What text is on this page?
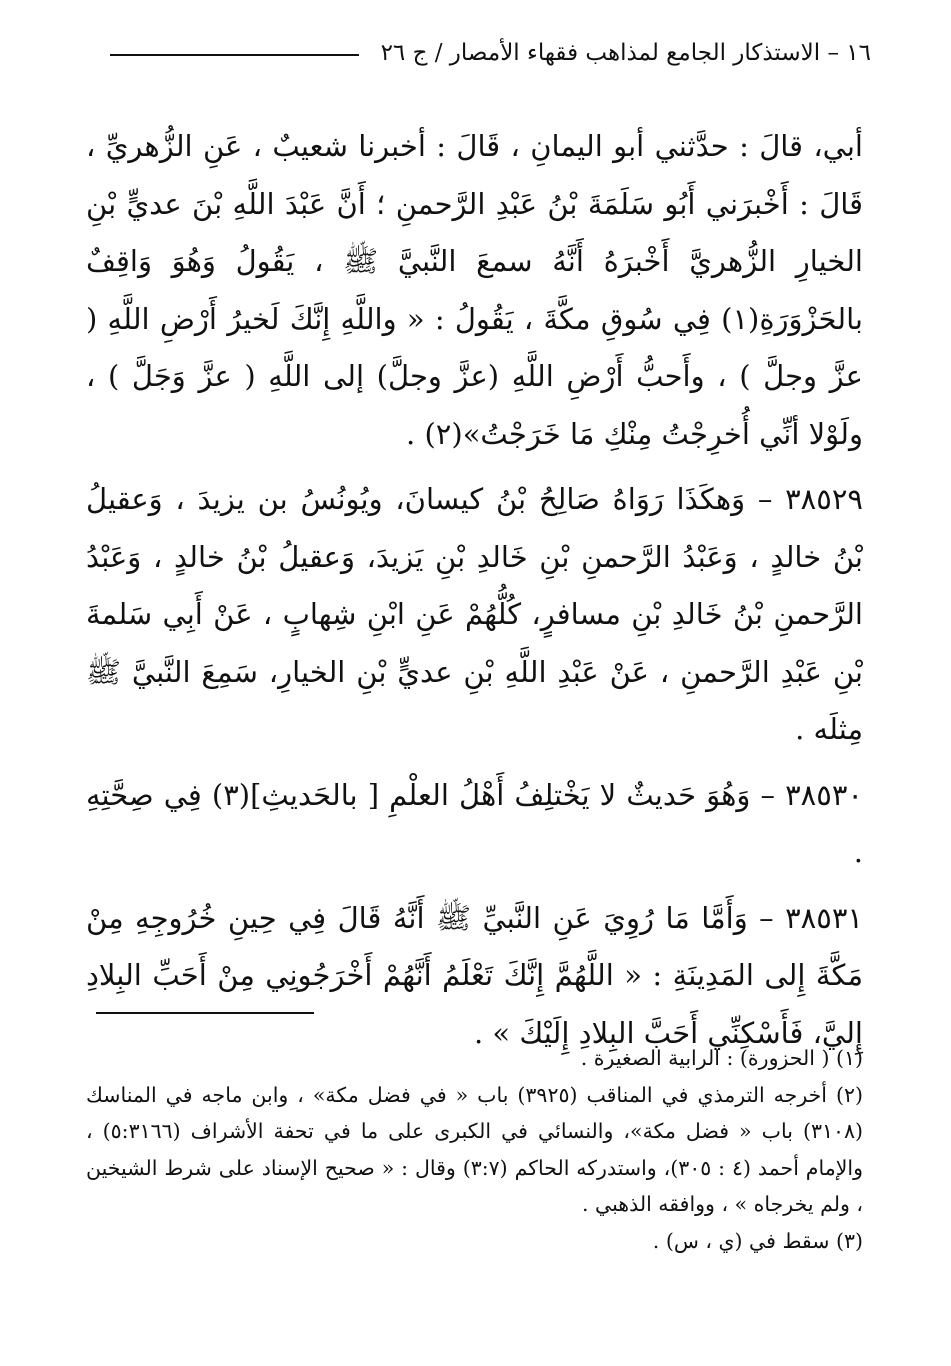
١٦ – الاستذكار الجامع لمذاهب فقهاء الأمصار / ج ٢٦

أبي، قالَ : حدَّثني أبو اليمانِ ، قَالَ : أخبرنا شعيبٌ ، عَنِ الزُّهريِّ ، قَالَ : أَخْبرَني أَبُو سَلَمَةَ بْنُ عَبْدِ الرَّحمنِ ؛ أَنَّ عَبْدَ اللَّهِ بْنَ عديٍّ بْنِ الخيارِ الزُّهريَّ أَخْبرَهُ أَنَّهُ سمعَ النَّبيَّ ﷺ ، يَقُولُ وَهُوَ وَاقِفٌ بالحَزْوَرَةِ(١) فِي سُوقِ مكَّةَ ، يَقُولُ : « واللَّهِ إِنَّكَ لَخيرُ أَرْضِ اللَّهِ ( عزَّ وجلَّ ) ، وأَحبُّ أَرْضِ اللَّهِ (عزَّ وجلَّ) إلى اللَّهِ ( عزَّ وَجَلَّ ) ، ولَوْلا أنِّي أُخرِجْتُ مِنْكِ مَا خَرَجْتُ»(٢) .

٣٨٥٢٩ – وَهكَذَا رَوَاهُ صَالِحُ بْنُ كيسانَ، ويُونُسُ بن يزيدَ ، وَعقيلُ بْنُ خالدٍ ، وَعَبْدُ الرَّحمنِ بْنِ خَالدِ بْنِ يَزيدَ، وَعقيلُ بْنُ خالدٍ ، وَعَبْدُ الرَّحمنِ بْنُ خَالدِ بْنِ مسافرٍ، كُلُّهُمْ عَنِ ابْنِ شِهابٍ ، عَنْ أَبِي سَلمةَ بْنِ عَبْدِ الرَّحمنِ ، عَنْ عَبْدِ اللَّهِ بْنِ عديٍّ بْنِ الخيارِ، سَمِعَ النَّبيَّ ﷺ مِثلَه .

٣٨٥٣٠ – وَهُوَ حَديثٌ لا يَخْتلِفُ أَهْلُ العلْمِ [ بالحَديثِ](٣) فِي صِحَّتِهِ .

٣٨٥٣١ – وَأَمَّا مَا رُوِيَ عَنِ النَّبيِّ ﷺ أَنَّهُ قَالَ فِي حِينِ خُرُوجِهِ مِنْ مَكَّةَ إِلى المَدِينَةِ : « اللَّهُمَّ إِنَّكَ تَعْلَمُ أَنَّهُمْ أَخْرَجُونِي مِنْ أَحَبِّ البِلادِ إِليَّ، فَأَسْكِنِّي أَحَبَّ البِلادِ إِلَيْكَ » .

(١) ( الحزورة) : الرابية الصغيرة .

(٢) أخرجه الترمذي في المناقب (٣٩٢٥) باب « في فضل مكة» ، وابن ماجه في المناسك (٣١٠٨) باب « فضل مكة»، والنسائي في الكبرى على ما في تحفة الأشراف (٥:٣١٦٦) ، والإمام أحمد (٤ : ٣٠٥)، واستدركه الحاكم (٣:٧) وقال : « صحيح الإسناد على شرط الشيخين ، ولم يخرجاه » ، ووافقه الذهبي .

(٣) سقط في (ي ، س) .
